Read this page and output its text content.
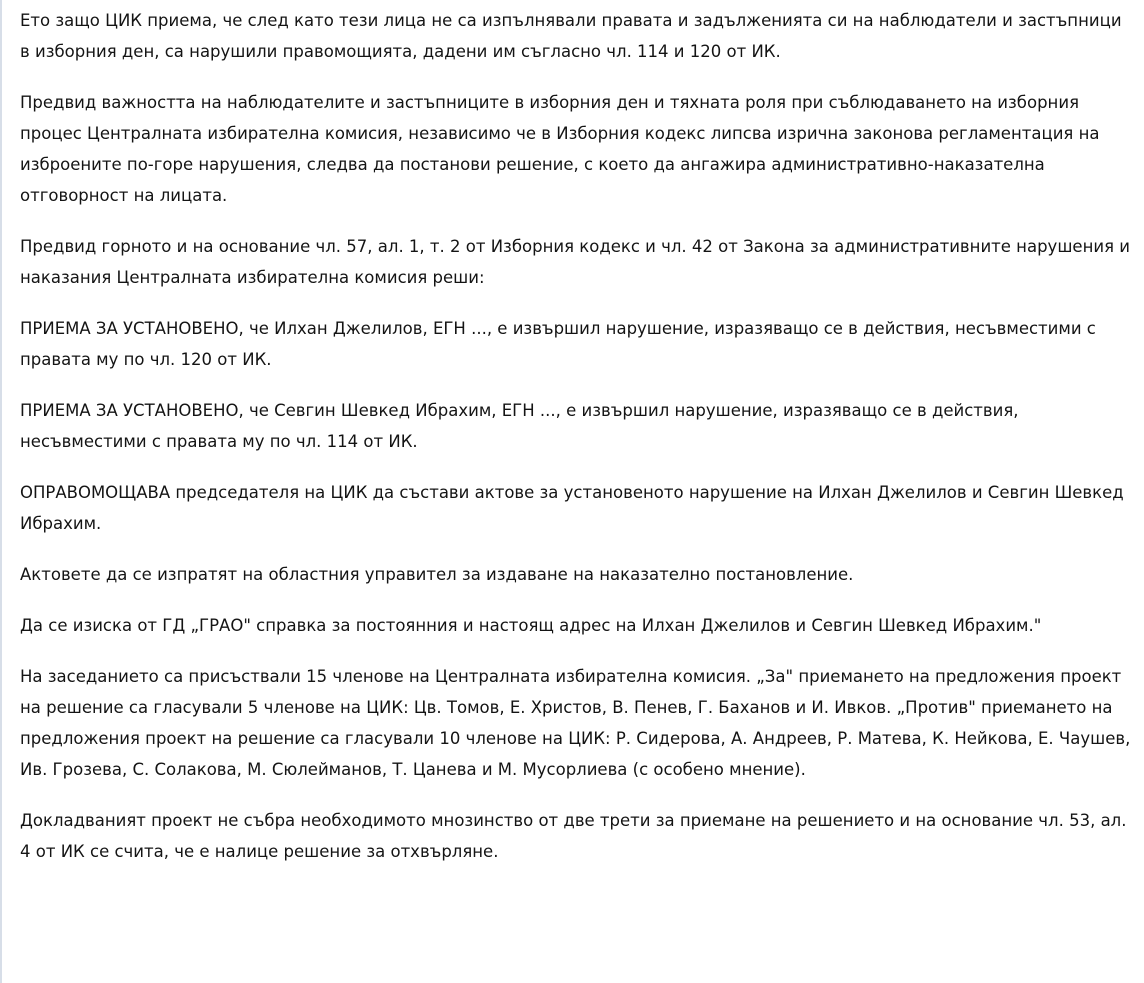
Ето защо ЦИК приема, че след като тези лица не са изпълнявали правата и задълженията си на наблюдатели и застъпници в изборния ден, са нарушили правомощията, дадени им съгласно чл. 114 и 120 от ИК.

Предвид важността на наблюдателите и застъпниците в изборния ден и тяхната роля при съблюдаването на изборния процес Централната избирателна комисия, независимо че в Изборния кодекс липсва изрична законова регламентация на изброените по-горе нарушения, следва да постанови решение, с което да ангажира административно-наказателна отговорност на лицата.

Предвид горното и на основание чл. 57, ал. 1, т. 2 от Изборния кодекс и чл. 42 от Закона за административните нарушения и наказания Централната избирателна комисия реши:

ПРИЕМА ЗА УСТАНОВЕНО, че Илхан Джелилов, ЕГН ..., е извършил нарушение, изразяващо се в действия, несъвместими с правата му по чл. 120 от ИК.

ПРИЕМА ЗА УСТАНОВЕНО, че Севгин Шевкед Ибрахим, ЕГН ..., е извършил нарушение, изразяващо се в действия, несъвместими с правата му по чл. 114 от ИК.

ОПРАВОМОЩАВА председателя на ЦИК да състави актове за установеното нарушение на Илхан Джелилов и Севгин Шевкед Ибрахим.

Актовете да се изпратят на областния управител за издаване на наказателно постановление.

Да се изиска от ГД „ГРАО" справка за постоянния и настоящ адрес на Илхан Джелилов и Севгин Шевкед Ибрахим."

На заседанието са присъствали 15 членове на Централната избирателна комисия. „За" приемането на предложения проект на решение са гласували 5 членове на ЦИК: Цв. Томов, Е. Христов, В. Пенев, Г. Баханов и И. Ивков. „Против" приемането на предложения проект на решение са гласували 10 членове на ЦИК: Р. Сидерова, А. Андреев, Р. Матева, К. Нейкова, Е. Чаушев, Ив. Грозева, С. Солакова, М. Сюлейманов, Т. Цанева и М. Мусорлиева (с особено мнение).

Докладваният проект не събра необходимото мнозинство от две трети за приемане на решението и на основание чл. 53, ал. 4 от ИК се счита, че е налице решение за отхвърляне.
